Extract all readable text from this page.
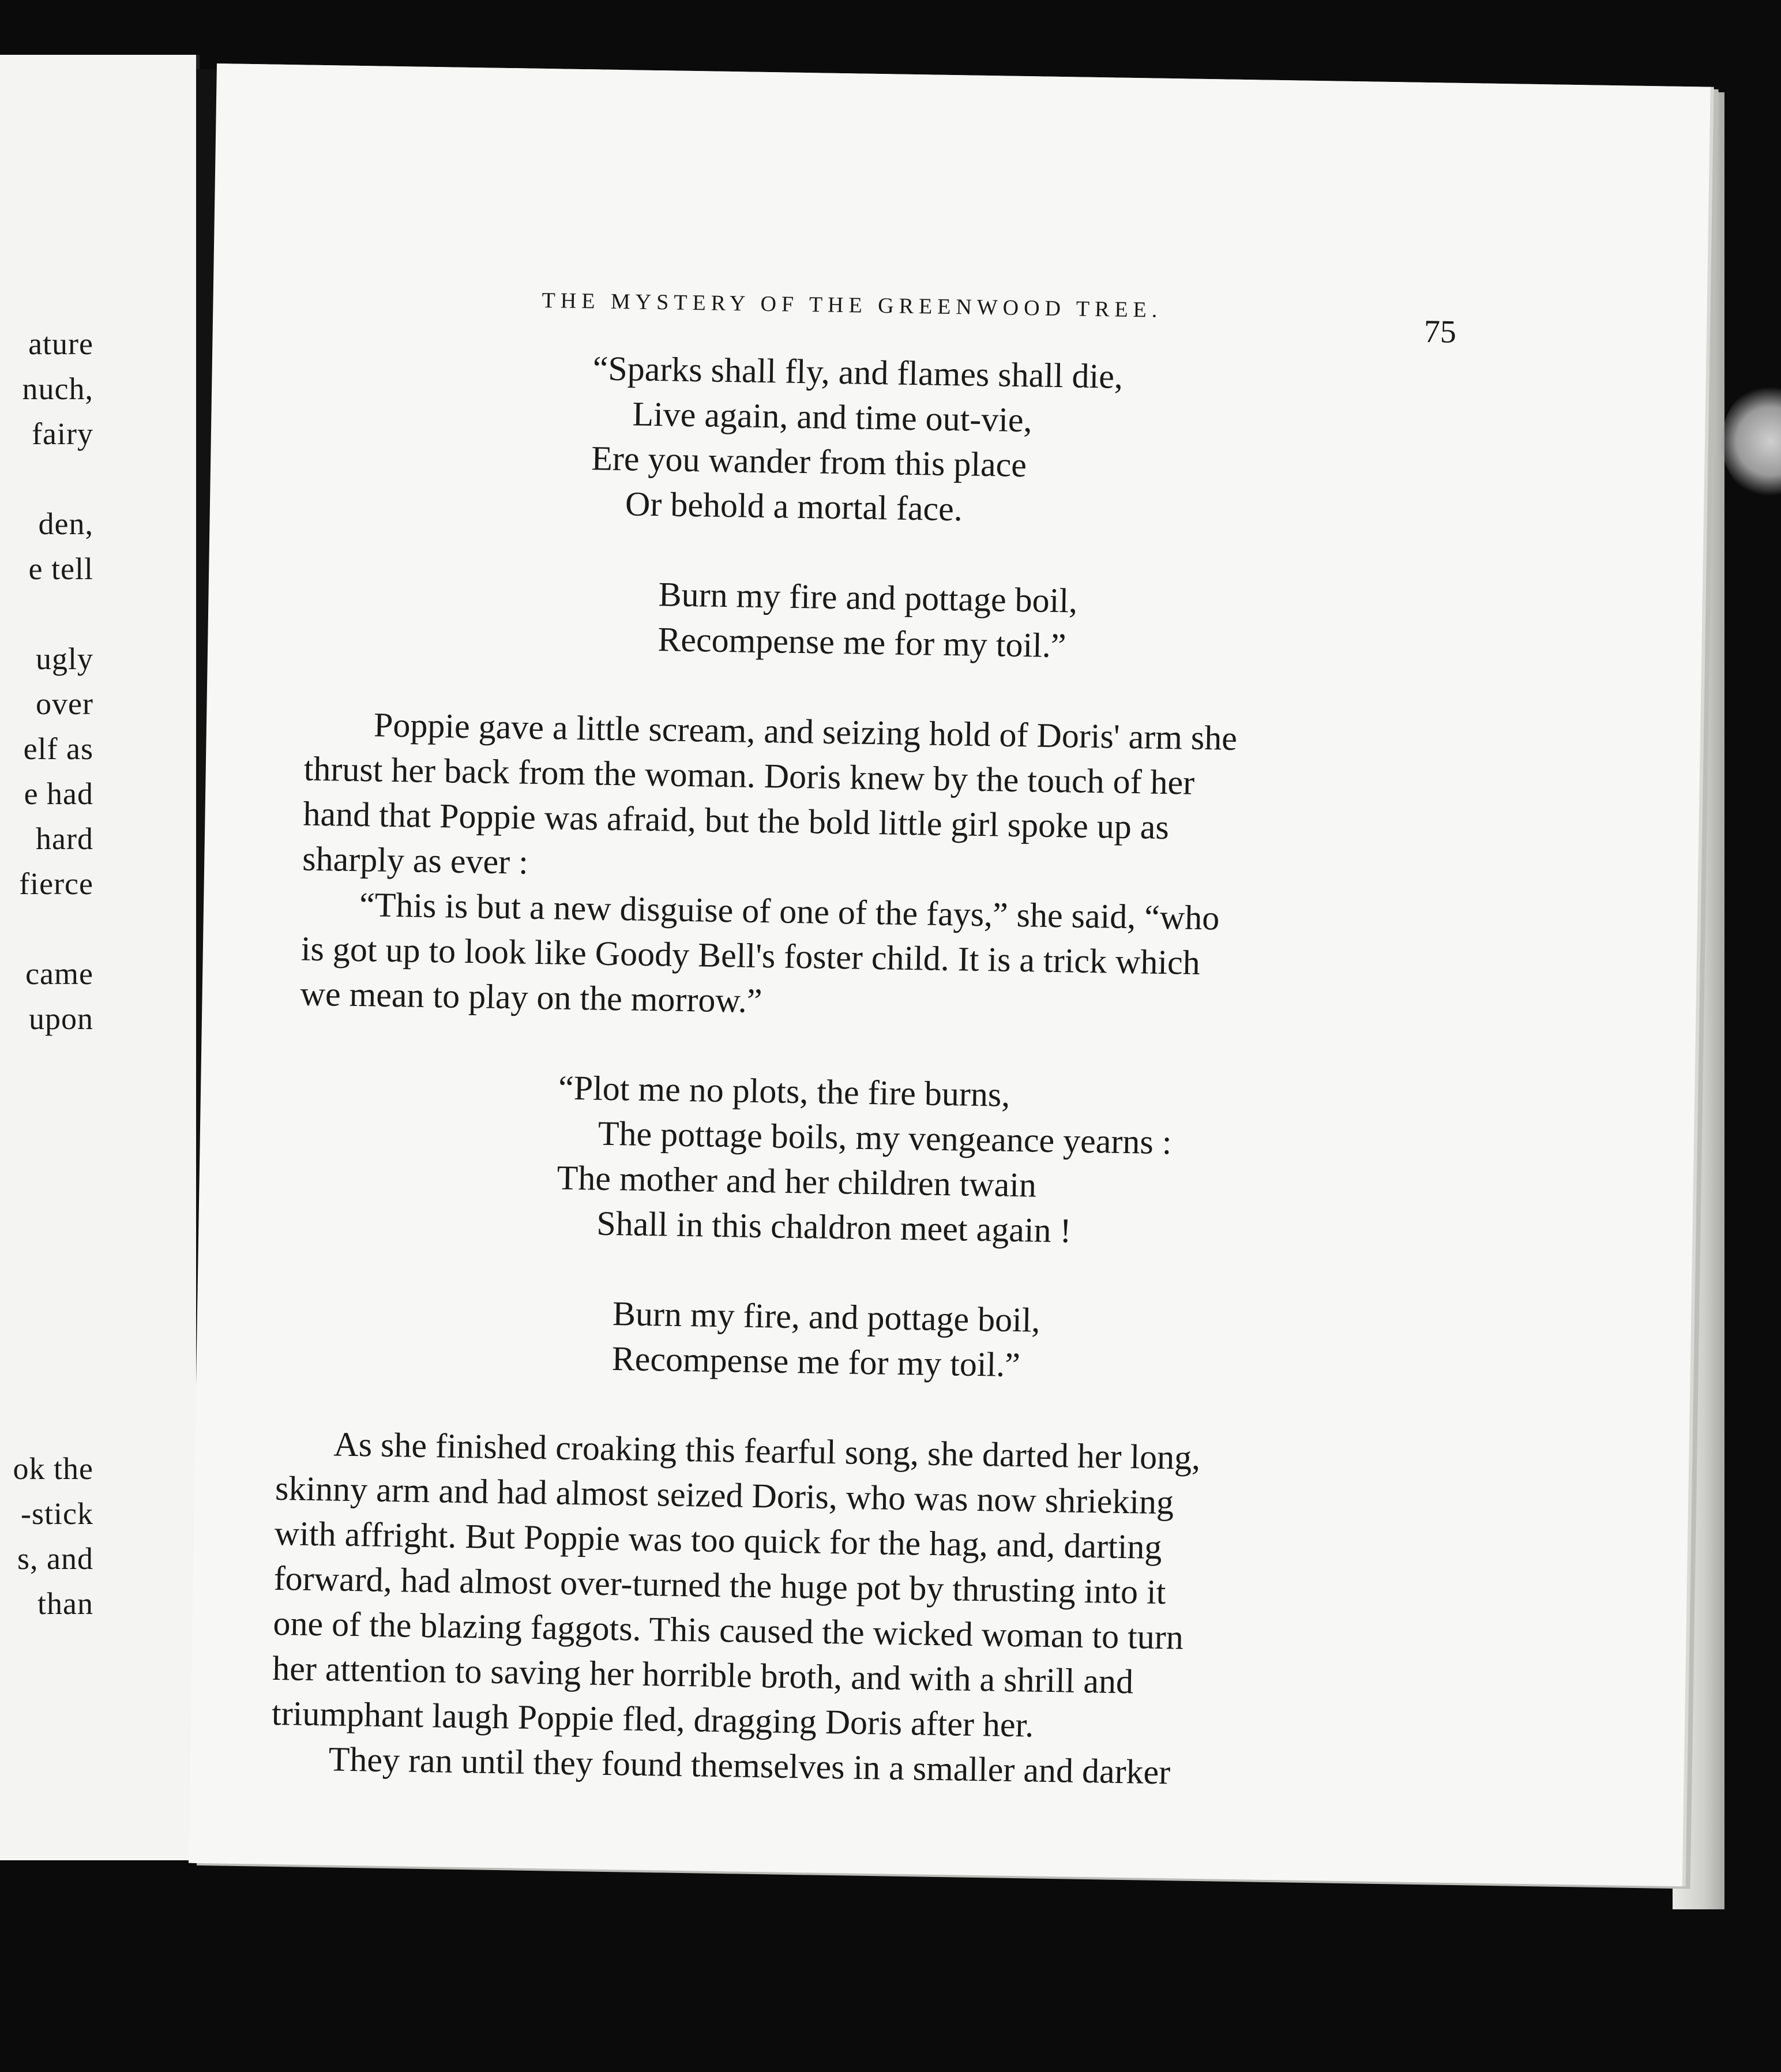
ature
nuch,
fairy
den,
e tell
ugly
over
elf as
e had
hard
fierce
came
upon
ok the
-stick
s, and
than
THE MYSTERY OF THE GREENWOOD TREE.
75
“Sparks shall fly, and flames shall die,
Live again, and time out-vie,
Ere you wander from this place
Or behold a mortal face.
Burn my fire and pottage boil,
Recompense me for my toil.”
Poppie gave a little scream, and seizing hold of Doris' arm she
thrust her back from the woman. Doris knew by the touch of her
hand that Poppie was afraid, but the bold little girl spoke up as
sharply as ever :
“This is but a new disguise of one of the fays,” she said, “who
is got up to look like Goody Bell's foster child. It is a trick which
we mean to play on the morrow.”
“Plot me no plots, the fire burns,
The pottage boils, my vengeance yearns :
The mother and her children twain
Shall in this chaldron meet again !
Burn my fire, and pottage boil,
Recompense me for my toil.”
As she finished croaking this fearful song, she darted her long,
skinny arm and had almost seized Doris, who was now shrieking
with affright. But Poppie was too quick for the hag, and, darting
forward, had almost over-turned the huge pot by thrusting into it
one of the blazing faggots. This caused the wicked woman to turn
her attention to saving her horrible broth, and with a shrill and
triumphant laugh Poppie fled, dragging Doris after her.
They ran until they found themselves in a smaller and darker
